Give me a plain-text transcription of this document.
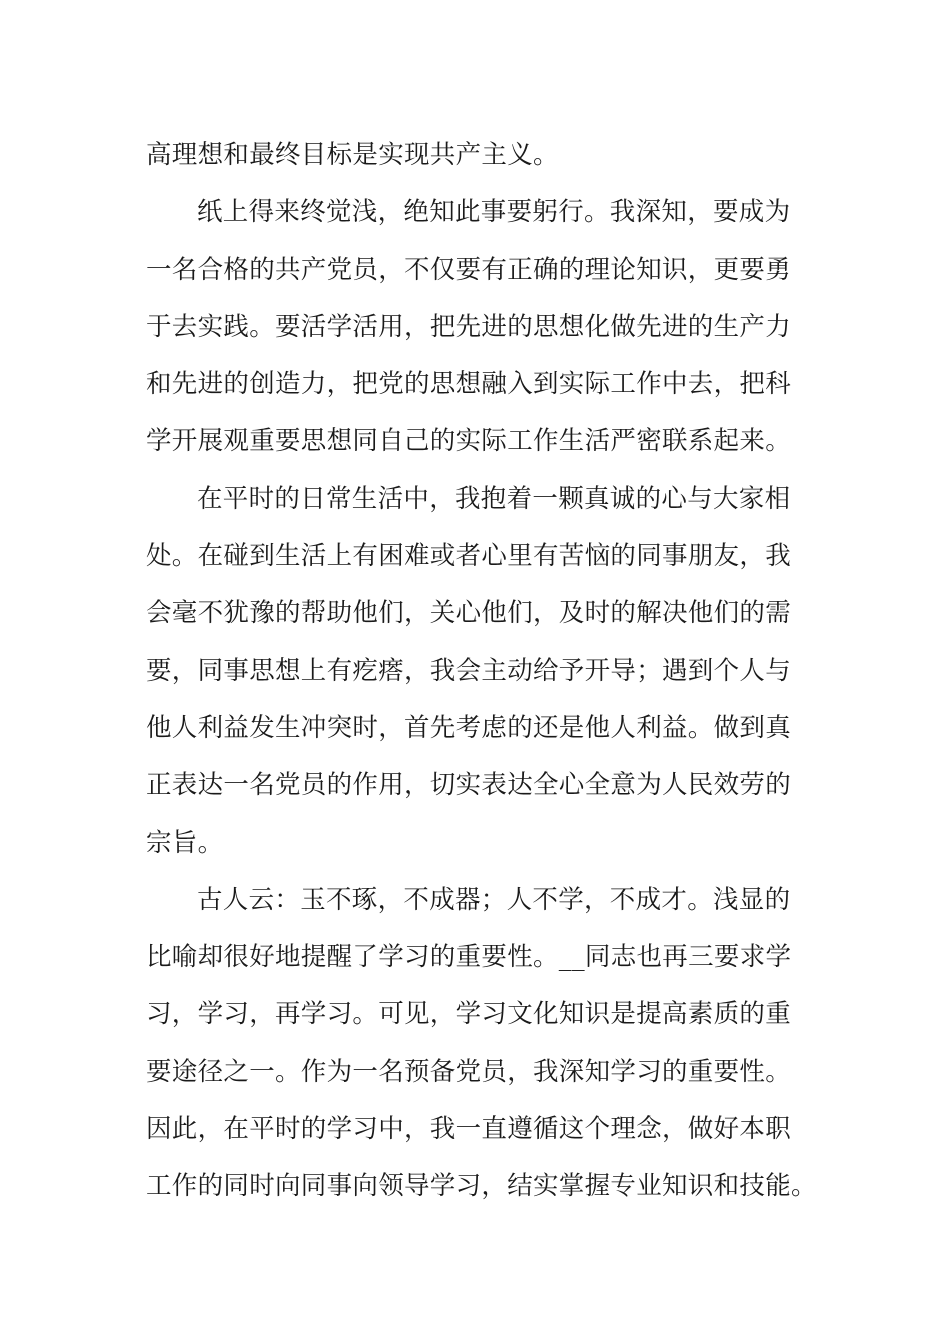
高理想和最终目标是实现共产主义。
纸上得来终觉浅，绝知此事要躬行。我深知，要成为
一名合格的共产党员，不仅要有正确的理论知识，更要勇
于去实践。要活学活用，把先进的思想化做先进的生产力
和先进的创造力，把党的思想融入到实际工作中去，把科
学开展观重要思想同自己的实际工作生活严密联系起来。
在平时的日常生活中，我抱着一颗真诚的心与大家相
处。在碰到生活上有困难或者心里有苦恼的同事朋友，我
会毫不犹豫的帮助他们，关心他们，及时的解决他们的需
要，同事思想上有疙瘩，我会主动给予开导；遇到个人与
他人利益发生冲突时，首先考虑的还是他人利益。做到真
正表达一名党员的作用，切实表达全心全意为人民效劳的
宗旨。
古人云：玉不琢，不成器；人不学，不成才。浅显的
比喻却很好地提醒了学习的重要性。__同志也再三要求学
习，学习，再学习。可见，学习文化知识是提高素质的重
要途径之一。作为一名预备党员，我深知学习的重要性。
因此，在平时的学习中，我一直遵循这个理念，做好本职
工作的同时向同事向领导学习，结实掌握专业知识和技能。
